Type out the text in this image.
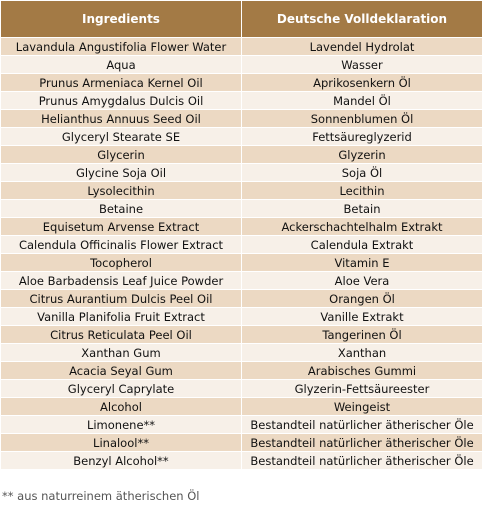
Ingredients	Deutsche Volldeklaration
Lavandula Angustifolia Flower Water	Lavendel Hydrolat
Aqua	Wasser
Prunus Armeniaca Kernel Oil	Aprikosenkern Öl
Prunus Amygdalus Dulcis Oil	Mandel Öl
Helianthus Annuus Seed Oil	Sonnenblumen Öl
Glyceryl Stearate SE	Fettsäureglyzerid
Glycerin	Glyzerin
Glycine Soja Oil	Soja Öl
Lysolecithin	Lecithin
Betaine	Betain
Equisetum Arvense Extract	Ackerschachtelhalm Extrakt
Calendula Officinalis Flower Extract	Calendula Extrakt
Tocopherol	Vitamin E
Aloe Barbadensis Leaf Juice Powder	Aloe Vera
Citrus Aurantium Dulcis Peel Oil	Orangen Öl
Vanilla Planifolia Fruit Extract	Vanille Extrakt
Citrus Reticulata Peel Oil	Tangerinen Öl
Xanthan Gum	Xanthan
Acacia Seyal Gum	Arabisches Gummi
Glyceryl Caprylate	Glyzerin-Fettsäureester
Alcohol	Weingeist
Limonene**	Bestandteil natürlicher ätherischer Öle
Linalool**	Bestandteil natürlicher ätherischer Öle
Benzyl Alcohol**	Bestandteil natürlicher ätherischer Öle
** aus naturreinem ätherischen Öl
